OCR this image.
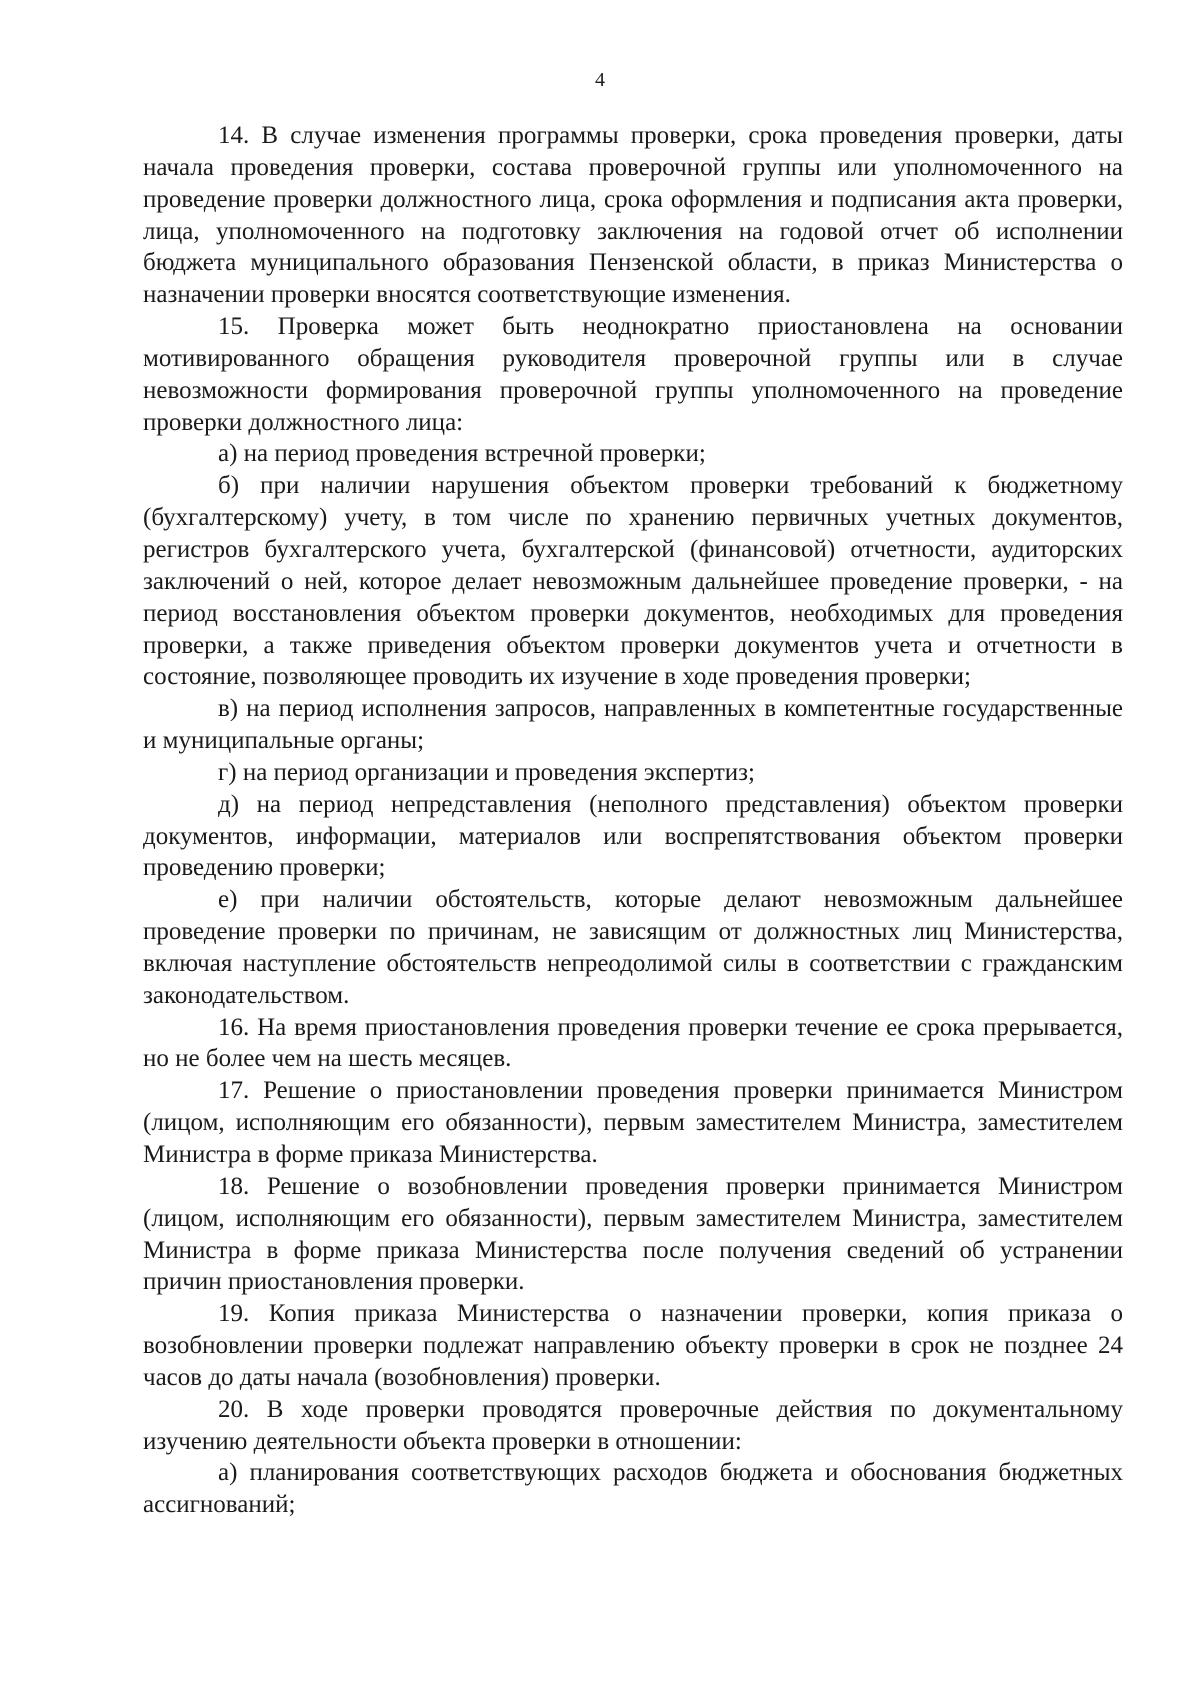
4

14. В случае изменения программы проверки, срока проведения проверки, даты начала проведения проверки, состава проверочной группы или уполномоченного на проведение проверки должностного лица, срока оформления и подписания акта проверки, лица, уполномоченного на подготовку заключения на годовой отчет об исполнении бюджета муниципального образования Пензенской области, в приказ Министерства о назначении проверки вносятся соответствующие изменения.

15. Проверка может быть неоднократно приостановлена на основании мотивированного обращения руководителя проверочной группы или в случае невозможности формирования проверочной группы уполномоченного на проведение проверки должностного лица:

а) на период проведения встречной проверки;

б) при наличии нарушения объектом проверки требований к бюджетному (бухгалтерскому) учету, в том числе по хранению первичных учетных документов, регистров бухгалтерского учета, бухгалтерской (финансовой) отчетности, аудиторских заключений о ней, которое делает невозможным дальнейшее проведение проверки, - на период восстановления объектом проверки документов, необходимых для проведения проверки, а также приведения объектом проверки документов учета и отчетности в состояние, позволяющее проводить их изучение в ходе проведения проверки;

в) на период исполнения запросов, направленных в компетентные государственные и муниципальные органы;

г) на период организации и проведения экспертиз;

д) на период непредставления (неполного представления) объектом проверки документов, информации, материалов или воспрепятствования объектом проверки проведению проверки;

е) при наличии обстоятельств, которые делают невозможным дальнейшее проведение проверки по причинам, не зависящим от должностных лиц Министерства, включая наступление обстоятельств непреодолимой силы в соответствии с гражданским законодательством.

16. На время приостановления проведения проверки течение ее срока прерывается, но не более чем на шесть месяцев.

17. Решение о приостановлении проведения проверки принимается Министром (лицом, исполняющим его обязанности), первым заместителем Министра, заместителем Министра в форме приказа Министерства.

18. Решение о возобновлении проведения проверки принимается Министром (лицом, исполняющим его обязанности), первым заместителем Министра, заместителем Министра в форме приказа Министерства после получения сведений об устранении причин приостановления проверки.

19. Копия приказа Министерства о назначении проверки, копия приказа о возобновлении проверки подлежат направлению объекту проверки в срок не позднее 24 часов до даты начала (возобновления) проверки.

20. В ходе проверки проводятся проверочные действия по документальному изучению деятельности объекта проверки в отношении:

а) планирования соответствующих расходов бюджета и обоснования бюджетных ассигнований;
